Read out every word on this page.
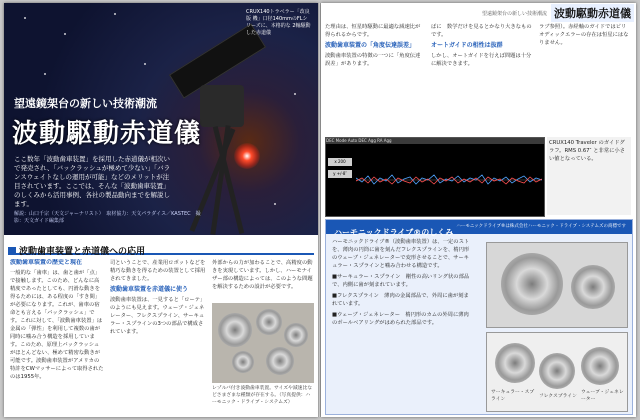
CRUX140トラベラー「改良版 機」口径140mmのFLシリーズに、本格的な 2軸駆動した赤道儀
望遠鏡架台の新しい技術潮流
波動駆動赤道儀
ここ数年「波動歯車装置」を採用した赤道儀が相次いで発売され、「バックラッシュが極めて少ない」「バランスウェイトなしの運用が可能」などのメリットが注目されています。ここでは、そんな「波動歯車装置」のしくみから活用事例、各社の製品動向までを解説します。
解説：山口千宗（天文ジャーナリスト）　取材協力：天文パラダイス／KASTEC　撮影：天文ガイド編集部
波動歯車装置と赤道儀への応用
波動歯車装置の歴史と現在
一般的な「歯車」は、歯と歯が「点」で接触します。このため、どんなに高精度であったとしても、円滑な動きを得るためには、ある程度の「すき間」が必要になります。これが、歯車の宿命とも言える「バックラッシュ」です。これに対して、「波動歯車装置」は金属の「弾性」を利用して複数の歯が同時に噛み合う構造を採用しています。このため、原理上バックラッシュがほとんどない、極めて精密な動きが可能です。波動歯車装置がアメリカの特許をCWマッサーによって取得されたのは1955年。
司ということで、産業用ロボットなどを精巧な動きを得るための装置として採用されてきました。
波動歯車装置を赤道儀に使う
波動歯車装置は、一見すると「ローテ」のようにも見えます。ウェーブ・ジェネレーター、フレクスプライン、サーキュラー・スプラインの3つの部品で構成されています。
外部からの力が加わることで、高精度の動きを実現しています。しかし、ハーモナイザー部の構造によっては、このような問題を解決するための設計が必要です。
レゾルバ付き波動歯車装置。サイズや減速比などさまざまな種類が存在する。（写真提供：ハーモニック・ドライブ・システムズ）
望遠鏡架台の新しい技術潮流 波動駆動赤道儀
た理由は、恒星時駆動に最適な減速比が得られるからです。
波動歯車装置の「角度伝達誤差」
波動歯車装置の特徴の一つに「角度伝達誤差」があります。
ばに　数学だけを見るとかなり大きなものです。
オートガイドの相性は抜群
しかし、オートガイドを行えば問題は十分に解決できます。
ラブ参照）。赤経軸のガイドではビリオディックエラーの存在は恒星にはなりません。
CRUX140 Traveler のガイドグラフ。RMS 0.67″ と非常に小さい値となっている。
DEC Mode Auto DEC Agg RA Agg
x 200
y +/-8″
ハーモニックドライブ®のしくみ
ハーモニックドライブ®は株式会社ハーモニック・ドライブ・システムズの商標です
ハーモニックドライブ®（波動歯車装置）は、一定のストを、薄肉の円筒に歯を刻んだフレクスプラインを、楕円形のウェーブ・ジェネレーターで変形させることで、サーキュラー・スプラインと噛み合わせる構造です。
■サーキュラー・スプライン　剛性の高いリング状の部品で、内側に歯が刻まれています。
■フレクスプライン　薄肉の金属部品で、外周に歯が刻まれています。
■ウェーブ・ジェネレーター　楕円形のカムの外周に薄肉のボールベアリングがはめられた部品です。
サーキュラー・スプライン
フレクスプライン
ウェーブ・ジェネレーター
